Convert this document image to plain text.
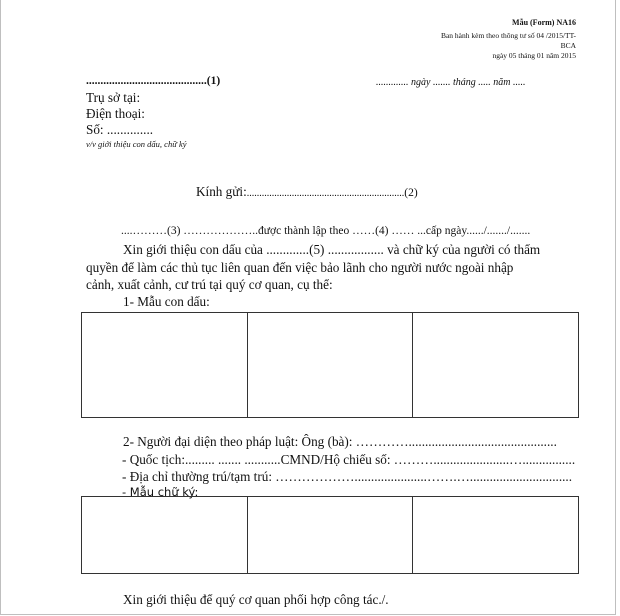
Mẫu (Form) NA16
Ban hành kèm theo thông tư số 04 /2015/TT-
BCA
ngày 05 tháng 01 năm 2015
..........................................(1)	............. ngày ....... tháng ..... năm .....
Trụ sở tại:
Điện thoại:
Số: ..............
v/v giới thiệu con dấu, chữ ký
Kính gửi:...............................................................(2)
....………(3) ………………..được thành lập theo ……(4) …… ...cấp ngày....../......./.......
Xin giới thiệu con dấu của .............(5) ................. và chữ ký của người có thẩm
quyền để làm các thủ tục liên quan đến việc bảo lãnh cho người nước ngoài nhập
cảnh, xuất cảnh, cư trú tại quý cơ quan, cụ thể:
1- Mẫu con dấu:
2- Người đại diện theo pháp luật: Ông (bà): ………….............................................
- Quốc tịch:......... ....... ...........CMND/Hộ chiếu số: ……….......................…................
- Địa chỉ thường trú/tạm trú: ………………......................…….…...............................
- Mẫu chữ ký:
Xin giới thiệu để quý cơ quan phối hợp công tác./.
